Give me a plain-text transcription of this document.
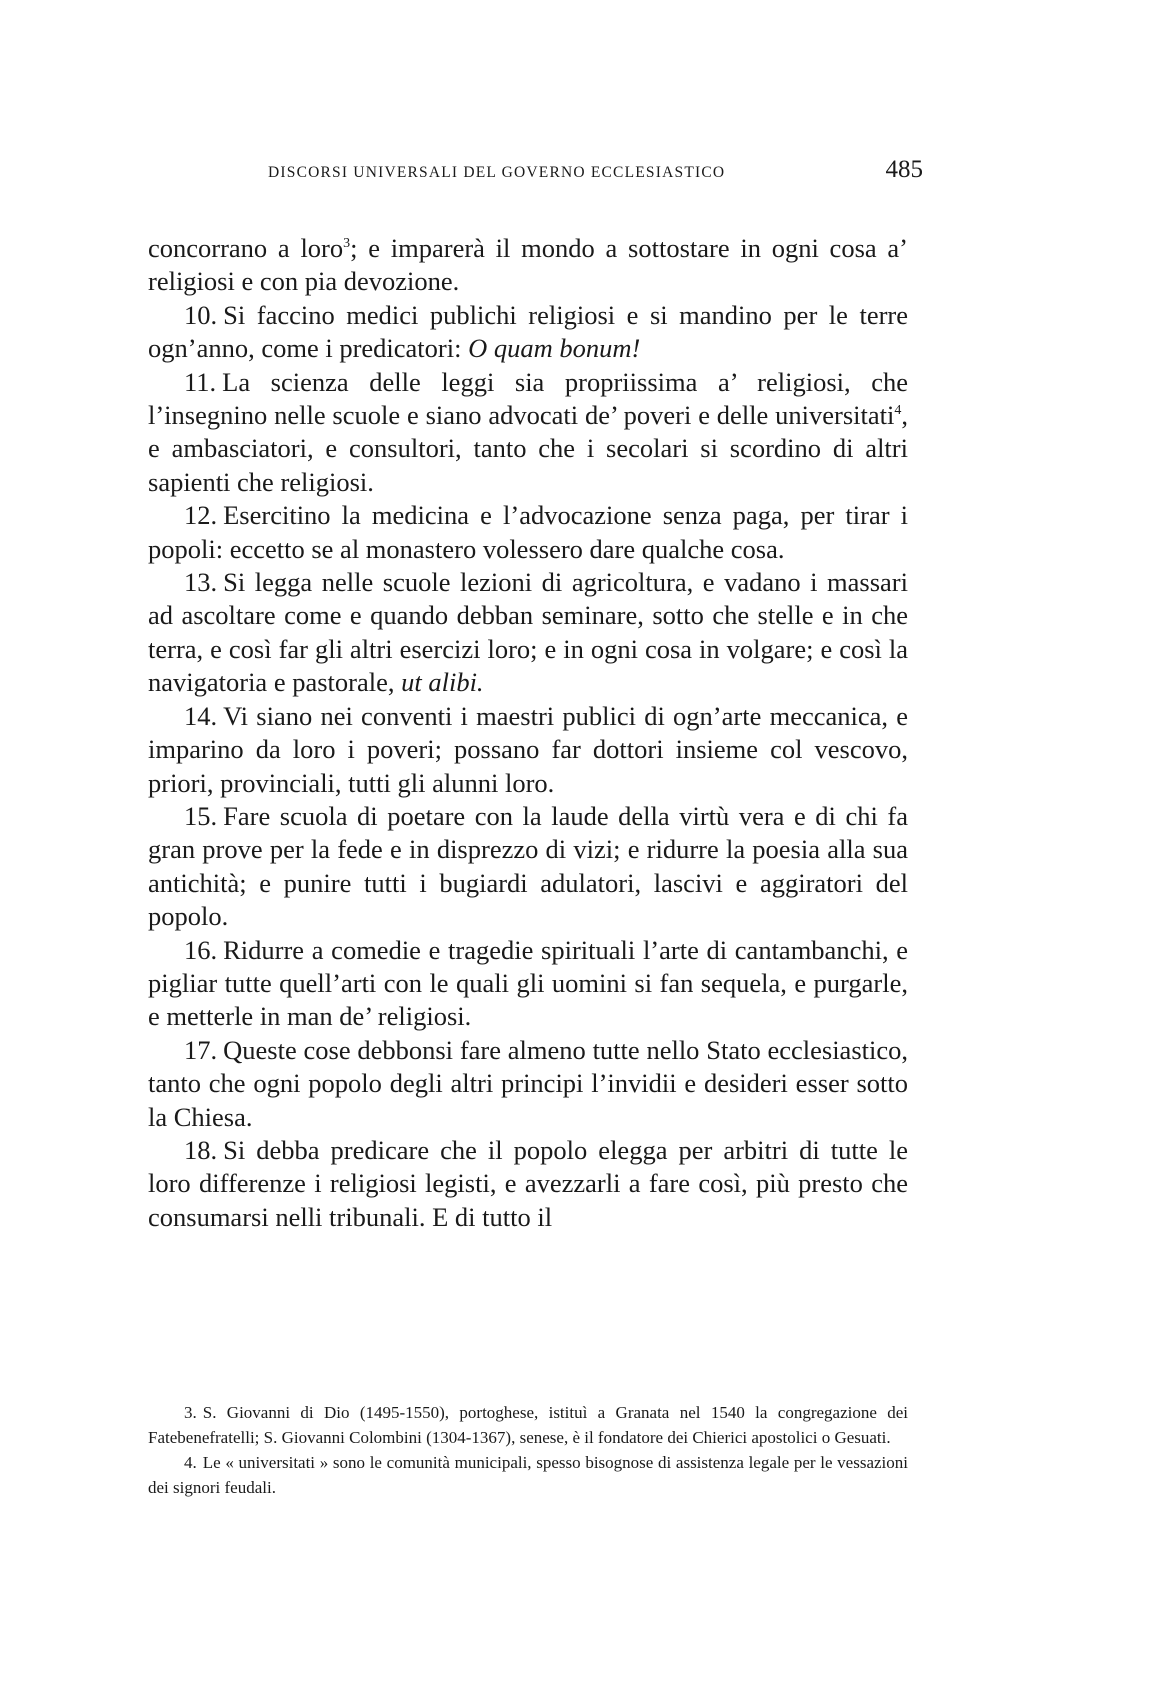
DISCORSI UNIVERSALI DEL GOVERNO ECCLESIASTICO	485

concorrano a loro$^3$; e imparerà il mondo a sottostare in ogni cosa a’ religiosi e con pia devozione.

10. Si faccino medici publichi religiosi e si mandino per le terre ogn’anno, come i predicatori: O quam bonum!

11. La scienza delle leggi sia propriissima a’ religiosi, che l’insegnino nelle scuole e siano advocati de’ poveri e delle universitati$^4$, e ambasciatori, e consultori, tanto che i secolari si scordino di altri sapienti che religiosi.

12. Esercitino la medicina e l’advocazione senza paga, per tirar i popoli: eccetto se al monastero volessero dare qualche cosa.

13. Si legga nelle scuole lezioni di agricoltura, e vadano i massari ad ascoltare come e quando debban seminare, sotto che stelle e in che terra, e così far gli altri esercizi loro; e in ogni cosa in volgare; e così la navigatoria e pastorale, ut alibi.

14. Vi siano nei conventi i maestri publici di ogn’arte meccanica, e imparino da loro i poveri; possano far dottori insieme col vescovo, priori, provinciali, tutti gli alunni loro.

15. Fare scuola di poetare con la laude della virtù vera e di chi fa gran prove per la fede e in disprezzo di vizi; e ridurre la poesia alla sua antichità; e punire tutti i bugiardi adulatori, lascivi e aggiratori del popolo.

16. Ridurre a comedie e tragedie spirituali l’arte di cantambanchi, e pigliar tutte quell’arti con le quali gli uomini si fan sequela, e purgarle, e metterle in man de’ religiosi.

17. Queste cose debbonsi fare almeno tutte nello Stato ecclesiastico, tanto che ogni popolo degli altri principi l’invidii e desideri esser sotto la Chiesa.

18. Si debba predicare che il popolo elegga per arbitri di tutte le loro differenze i religiosi legisti, e avezzarli a fare così, più presto che consumarsi nelli tribunali. E di tutto il

3. S. Giovanni di Dio (1495-1550), portoghese, istituì a Granata nel 1540 la congregazione dei Fatebenefratelli; S. Giovanni Colombini (1304-1367), senese, è il fondatore dei Chierici apostolici o Gesuati.

4. Le « universitati » sono le comunità municipali, spesso bisognose di assistenza legale per le vessazioni dei signori feudali.
